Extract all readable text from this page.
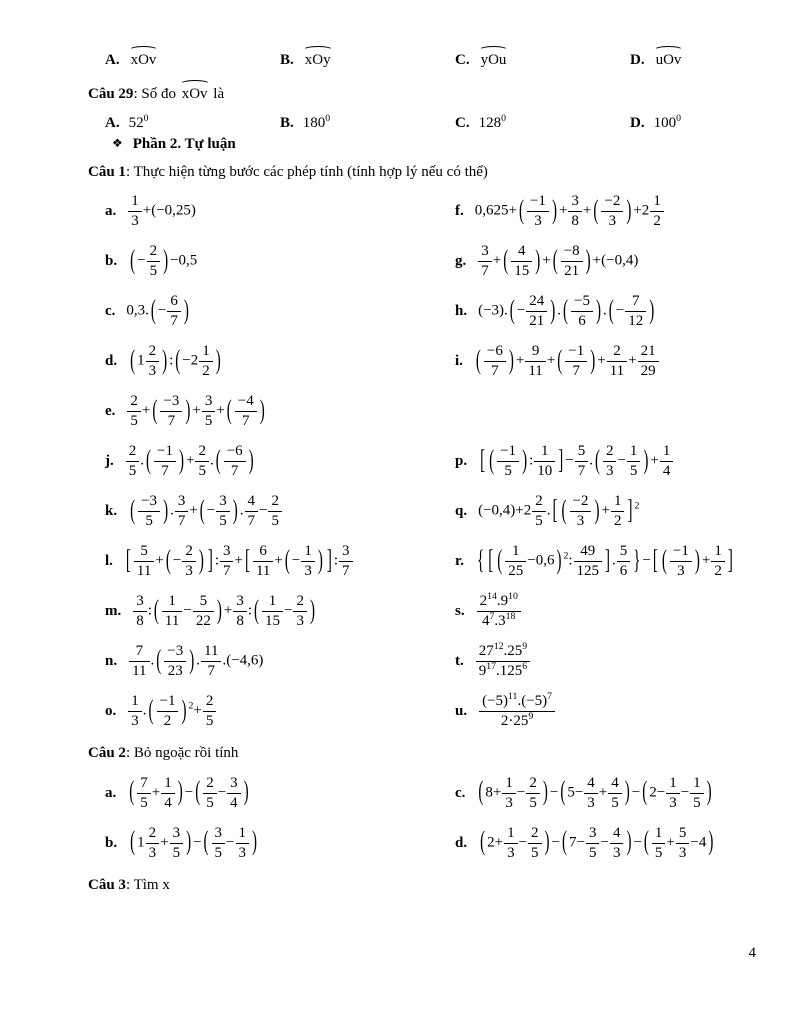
A. xOv	B. xOy	C. yOu	D. uOv
Câu 29: Số đo xOv là
A. $52^0$	B. $180^0$	C. $128^0$	D. $100^0$
❖ Phần 2. Tự luận
Câu 1: Thực hiện từng bước các phép tính (tính hợp lý nếu có thể)
a. $\frac{1}{3} +(-0,25)$	f. 0,625+ ( $\frac{-1}{3}$ ) + $\frac{3}{8}$ + ( $\frac{-2}{3}$ ) $+2 \frac{1}{2}$
b. ( − $\frac{2}{5}$ ) −0,5	g. $\frac{3}{7}$ + ( $\frac{4}{15}$ ) + ( $\frac{-8}{21}$ ) +(−0,4)
c. 0,3. ( − $\frac{6}{7}$ )	h. (−3). ( − $\frac{24}{21}$ ) . ( $\frac{-5}{6}$ ) . ( − $\frac{7}{12}$ )
d. ( $1 \frac{2}{3}$ ) : ( $-2 \frac{1}{2}$ )	i. ( $\frac{-6}{7}$ ) + $\frac{9}{11}$ + ( $\frac{-1}{7}$ ) + $\frac{2}{11} + \frac{21}{29}$
e. $\frac{2}{5}$ + ( $\frac{-3}{7}$ ) + $\frac{3}{5}$ + ( $\frac{-4}{7}$ )
j. $\frac{2}{5}$ . ( $\frac{-1}{7}$ ) + $\frac{2}{5}$ . ( $\frac{-6}{7}$ )	p. [ ( $\frac{-1}{5}$ ) : $\frac{1}{10}$ ] − $\frac{5}{7}$ . ( $\frac{2}{3} - \frac{1}{5}$ ) + $\frac{1}{4}$
k. ( $\frac{-3}{5}$ ) . $\frac{3}{7}$ + ( − $\frac{3}{5}$ ) . $\frac{4}{7} - \frac{2}{5}$	q. $(-0,4)+2 \frac{2}{5}$ . [ ( $\frac{-2}{3}$ ) + $\frac{1}{2}$ ] $^2$
l. [ $\frac{5}{11}$ + ( − $\frac{2}{3}$ ) ] : $\frac{3}{7}$ + [ $\frac{6}{11}$ + ( − $\frac{1}{3}$ ) ] : $\frac{3}{7}$	r. { [ ( $\frac{1}{25} -0,6$ ) $^2$: $\frac{49}{125}$ ] . $\frac{5}{6}$ } − [ ( $\frac{-1}{3}$ ) + $\frac{1}{2}$ ]
m. $\frac{3}{8}$ : ( $\frac{1}{11} - \frac{5}{22}$ ) + $\frac{3}{8}$ : ( $\frac{1}{15} - \frac{2}{3}$ )	s. $\frac{2^{14}.9^{10}}{4^7.3^{18}}$
n. $\frac{7}{11}$ . ( $\frac{-3}{23}$ ) . $\frac{11}{7} .(-4,6)$	t. $\frac{27^{12}.25^9}{9^{17}.125^6}$
o. $\frac{1}{3}$ . ( $\frac{-1}{2}$ ) $^2+ \frac{2}{5}$	u. $\frac{(-5)^{11}.(-5)^7}{2\cdot 25^9}$
Câu 2: Bỏ ngoặc rồi tính
a. ( $\frac{7}{5} + \frac{1}{4}$ ) − ( $\frac{2}{5} - \frac{3}{4}$ )	c. ( $8+ \frac{1}{3} - \frac{2}{5}$ ) − ( $5- \frac{4}{3} + \frac{4}{5}$ ) − ( $2- \frac{1}{3} - \frac{1}{5}$ )
b. ( $1 \frac{2}{3} + \frac{3}{5}$ ) − ( $\frac{3}{5} - \frac{1}{3}$ )	d. ( $2+ \frac{1}{3} - \frac{2}{5}$ ) − ( $7- \frac{3}{5} - \frac{4}{3}$ ) − ( $\frac{1}{5} + \frac{5}{3} -4$ )
Câu 3: Tìm x
4
